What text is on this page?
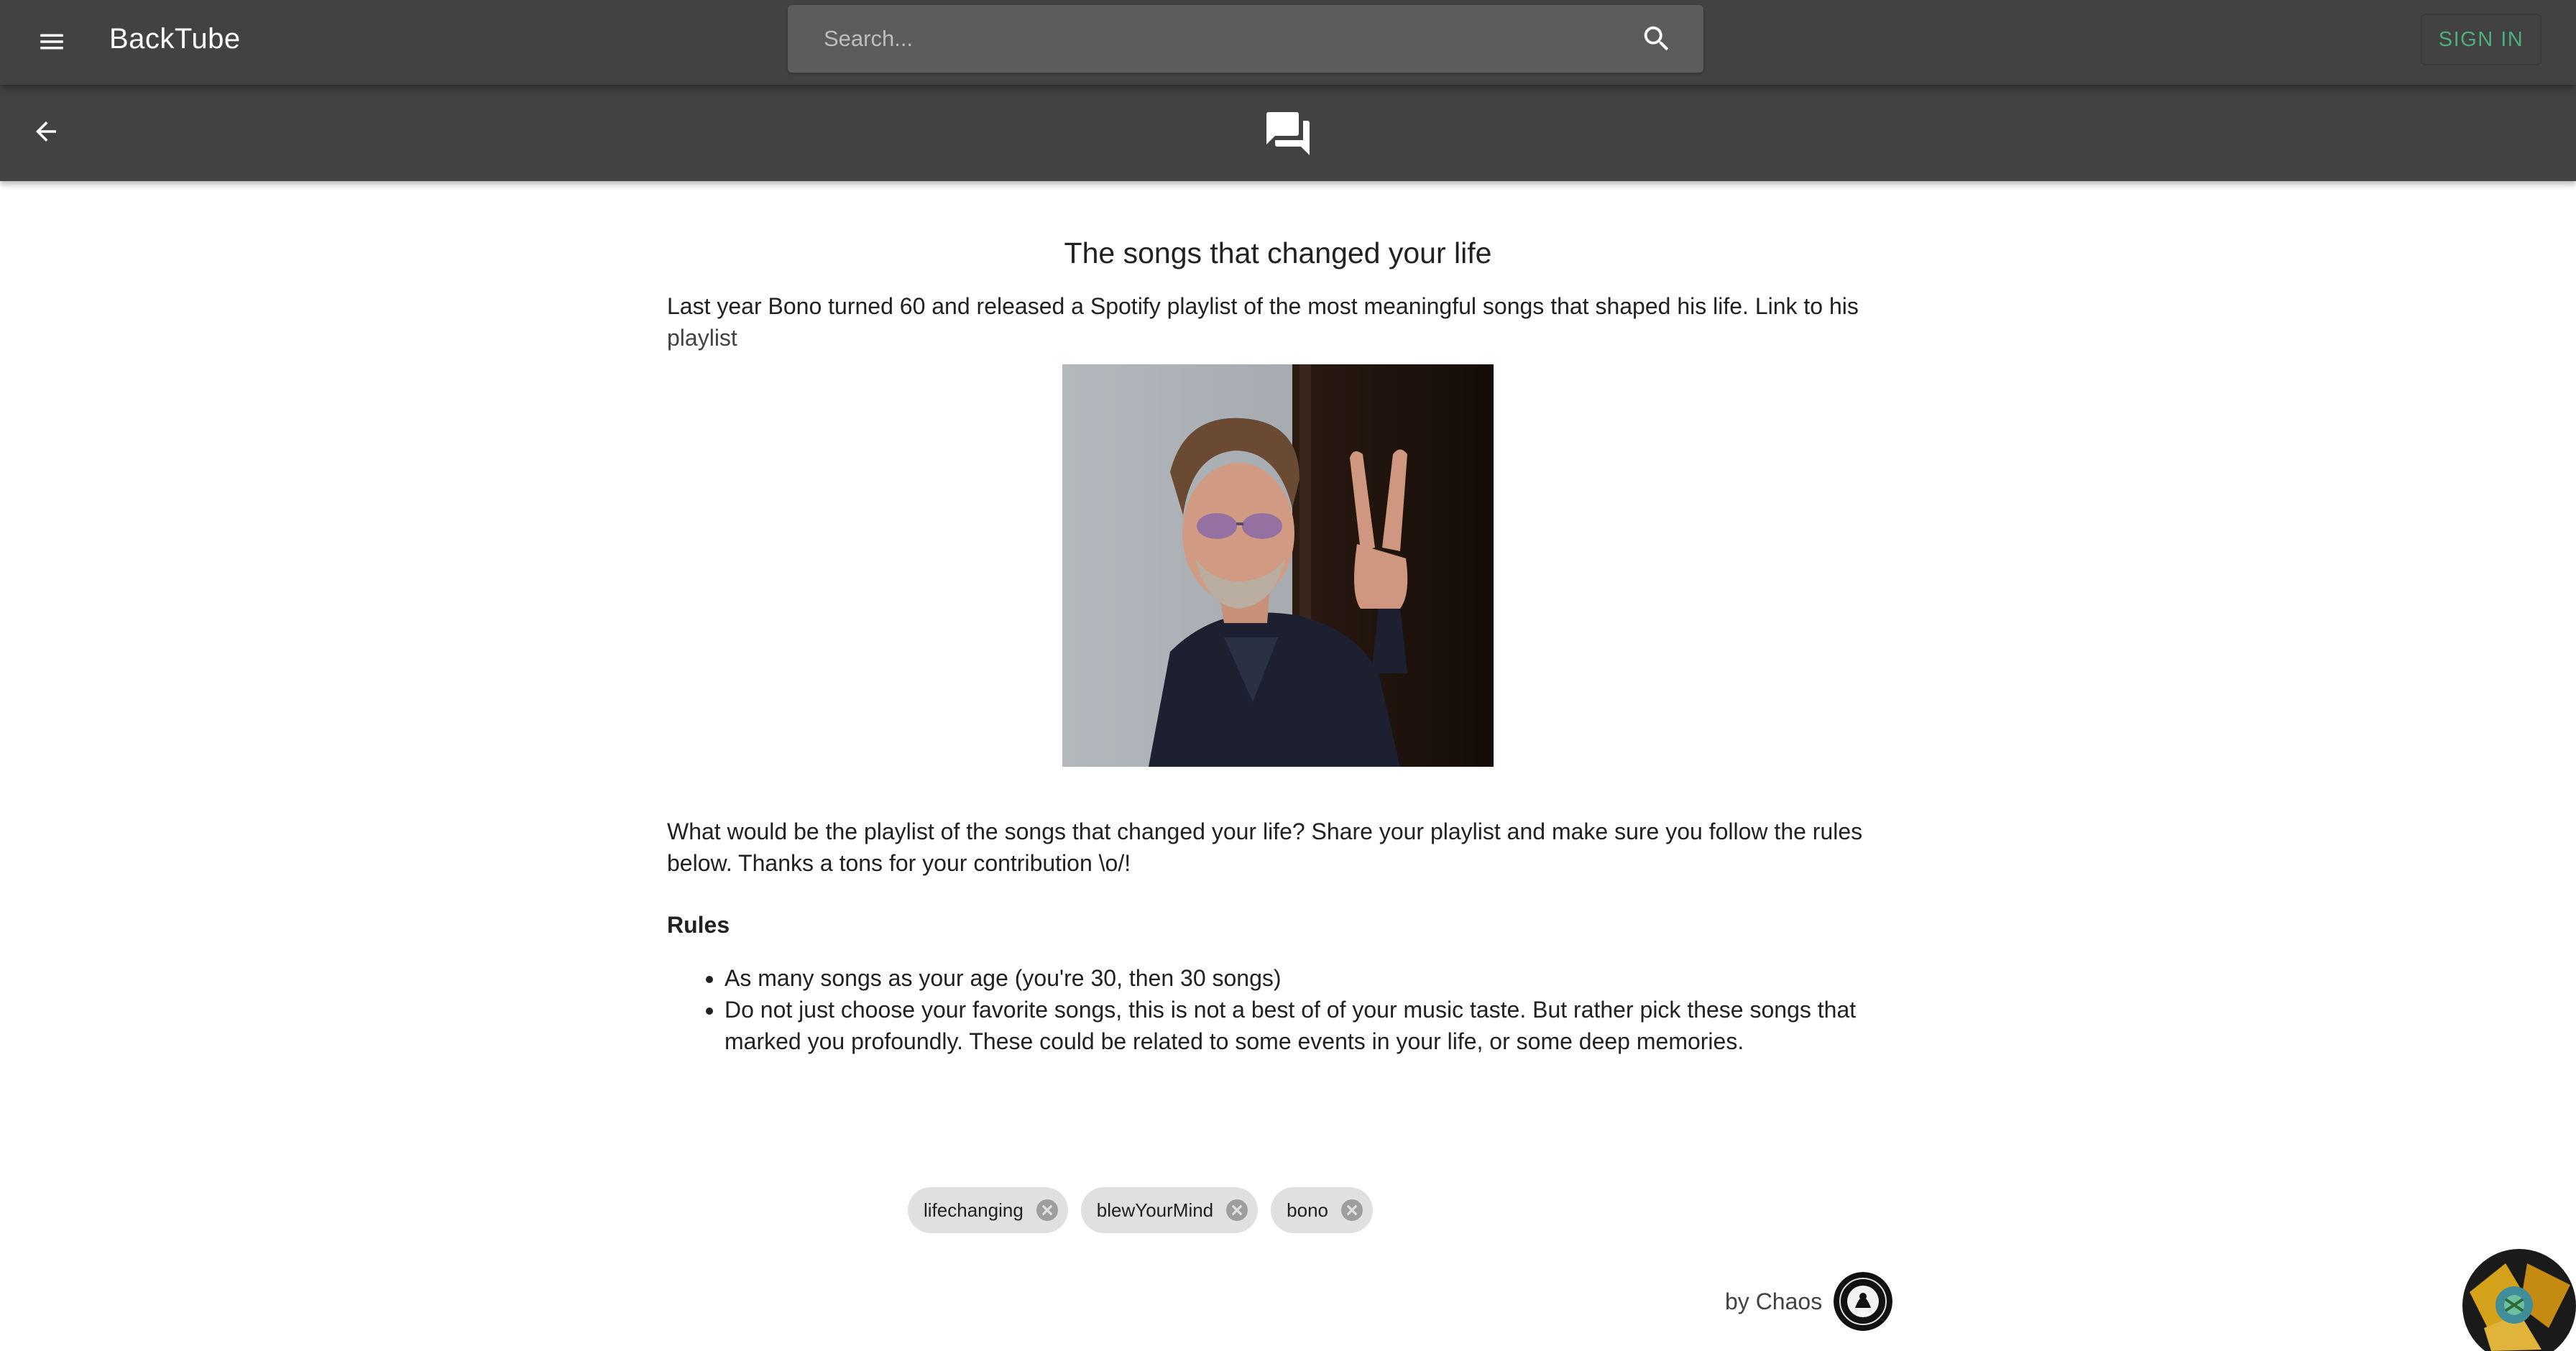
BackTube
Search...	SIGN IN
The songs that changed your life

Last year Bono turned 60 and released a Spotify playlist of the most meaningful songs that shaped his life. Link to his playlist

What would be the playlist of the songs that changed your life? Share your playlist and make sure you follow the rules below. Thanks a tons for your contribution \o/!

Rules
• As many songs as your age (you're 30, then 30 songs)
• Do not just choose your favorite songs, this is not a best of of your music taste. But rather pick these songs that marked you profoundly. These could be related to some events in your life, or some deep memories.
lifechanging	blewYourMind	bono
by Chaos
